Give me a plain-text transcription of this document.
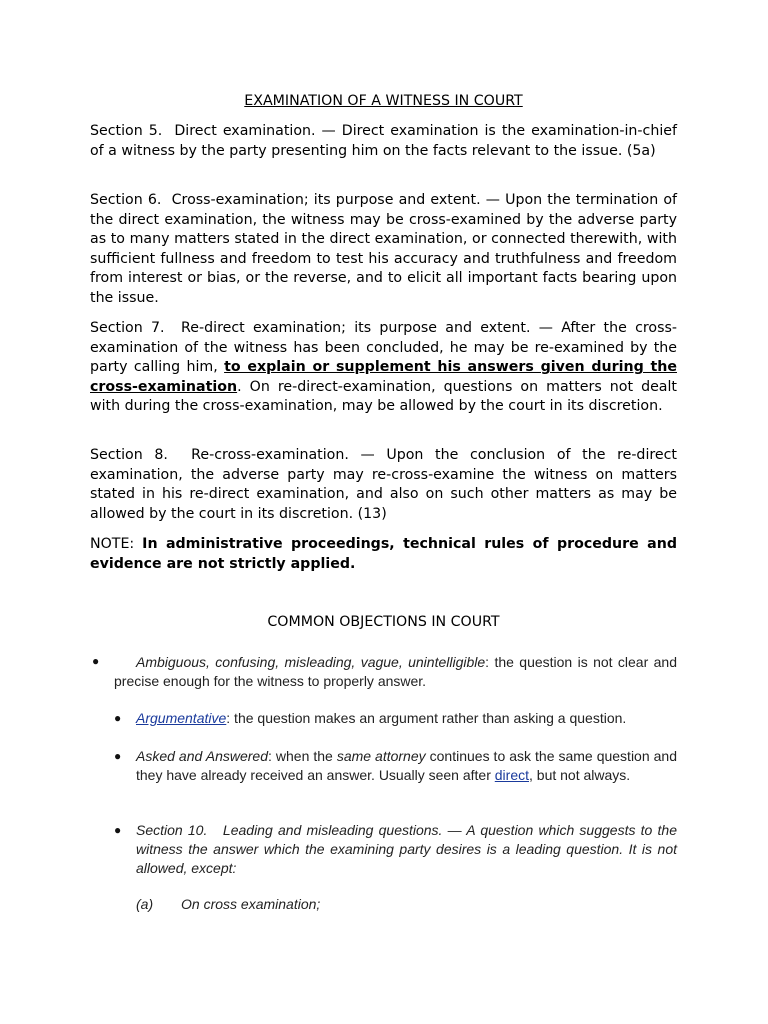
EXAMINATION OF A WITNESS IN COURT

Section 5.  Direct examination. — Direct examination is the examination-in-chief of a witness by the party presenting him on the facts relevant to the issue. (5a)

Section 6.  Cross-examination; its purpose and extent. — Upon the termination of the direct examination, the witness may be cross-examined by the adverse party as to many matters stated in the direct examination, or connected therewith, with sufficient fullness and freedom to test his accuracy and truthfulness and freedom from interest or bias, or the reverse, and to elicit all important facts bearing upon the issue.

Section 7.  Re-direct examination; its purpose and extent. — After the cross-examination of the witness has been concluded, he may be re-examined by the party calling him, to explain or supplement his answers given during the cross-examination. On re-direct-examination, questions on matters not dealt with during the cross-examination, may be allowed by the court in its discretion.

Section 8.  Re-cross-examination. — Upon the conclusion of the re-direct examination, the adverse party may re-cross-examine the witness on matters stated in his re-direct examination, and also on such other matters as may be allowed by the court in its discretion. (13)

NOTE: In administrative proceedings, technical rules of procedure and evidence are not strictly applied.

COMMON OBJECTIONS IN COURT

●	Ambiguous, confusing, misleading, vague, unintelligible: the question is not clear and precise enough for the witness to properly answer.

● Argumentative: the question makes an argument rather than asking a question.

● Asked and Answered: when the same attorney continues to ask the same question and they have already received an answer. Usually seen after direct, but not always.

● Section 10.   Leading and misleading questions. — A question which suggests to the witness the answer which the examining party desires is a leading question. It is not allowed, except:

(a) On cross examination;
